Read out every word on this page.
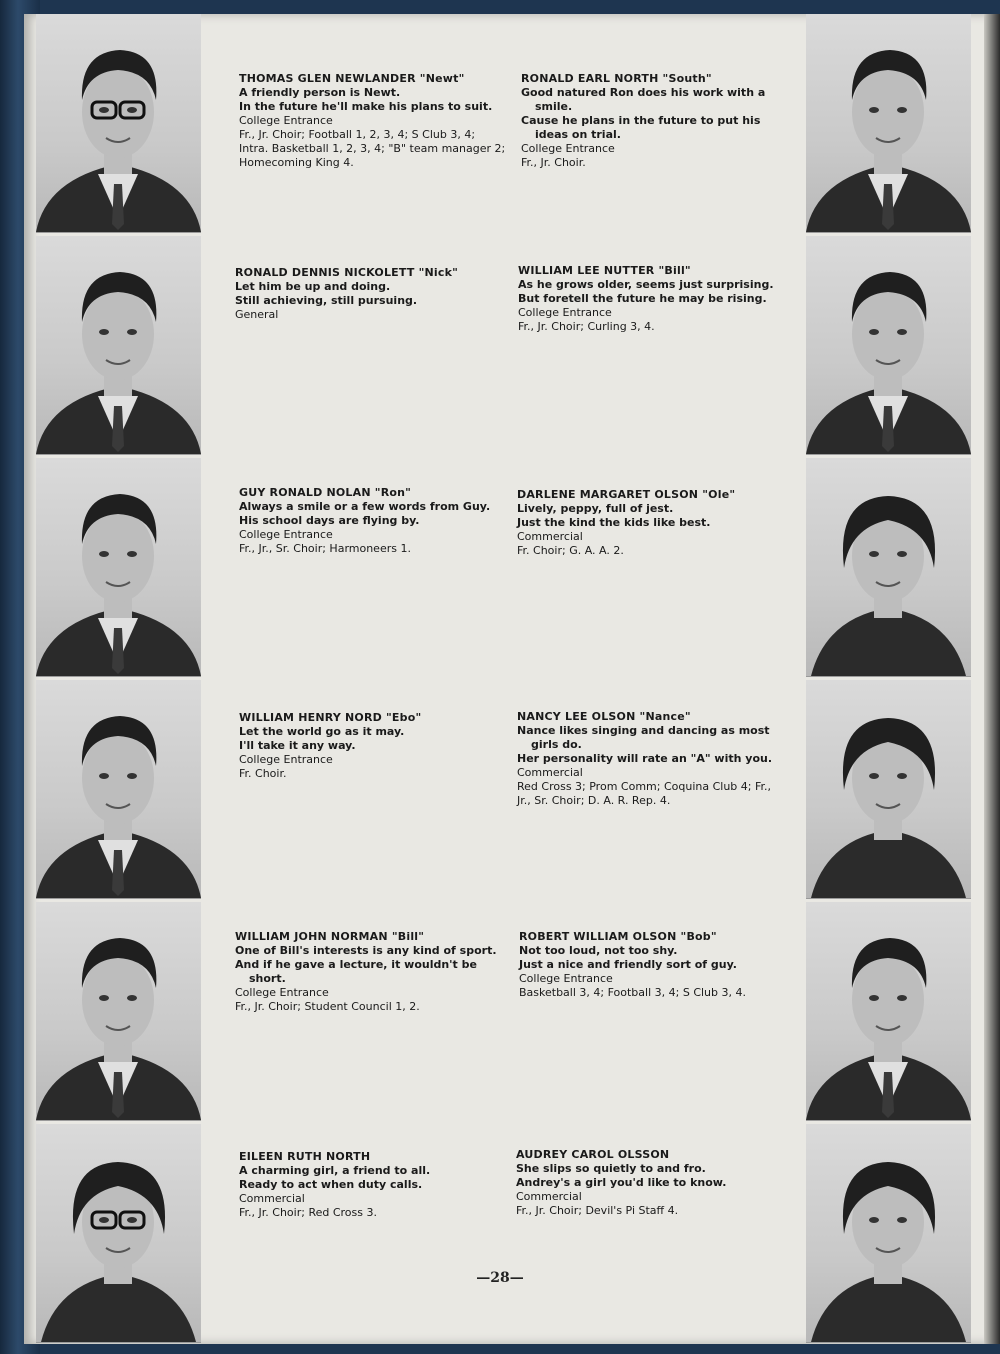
THOMAS GLEN NEWLANDER "Newt"
A friendly person is Newt.
In the future he'll make his plans to suit.
College Entrance
Fr., Jr. Choir; Football 1, 2, 3, 4; S Club 3, 4; Intra. Basketball 1, 2, 3, 4; "B" team manager 2; Homecoming King 4.
RONALD DENNIS NICKOLETT "Nick"
Let him be up and doing.
Still achieving, still pursuing.
General
GUY RONALD NOLAN "Ron"
Always a smile or a few words from Guy.
His school days are flying by.
College Entrance
Fr., Jr., Sr. Choir; Harmoneers 1.
WILLIAM HENRY NORD "Ebo"
Let the world go as it may.
I'll take it any way.
College Entrance
Fr. Choir.
WILLIAM JOHN NORMAN "Bill"
One of Bill's interests is any kind of sport.
And if he gave a lecture, it wouldn't be short.
College Entrance
Fr., Jr. Choir; Student Council 1, 2.
EILEEN RUTH NORTH
A charming girl, a friend to all.
Ready to act when duty calls.
Commercial
Fr., Jr. Choir; Red Cross 3.
RONALD EARL NORTH "South"
Good natured Ron does his work with a smile.
Cause he plans in the future to put his ideas on trial.
College Entrance
Fr., Jr. Choir.
WILLIAM LEE NUTTER "Bill"
As he grows older, seems just surprising.
But foretell the future he may be rising.
College Entrance
Fr., Jr. Choir; Curling 3, 4.
DARLENE MARGARET OLSON "Ole"
Lively, peppy, full of jest.
Just the kind the kids like best.
Commercial
Fr. Choir; G. A. A. 2.
NANCY LEE OLSON "Nance"
Nance likes singing and dancing as most girls do.
Her personality will rate an "A" with you.
Commercial
Red Cross 3; Prom Comm; Coquina Club 4; Fr., Jr., Sr. Choir; D. A. R. Rep. 4.
ROBERT WILLIAM OLSON "Bob"
Not too loud, not too shy.
Just a nice and friendly sort of guy.
College Entrance
Basketball 3, 4; Football 3, 4; S Club 3, 4.
AUDREY CAROL OLSSON
She slips so quietly to and fro.
Andrey's a girl you'd like to know.
Commercial
Fr., Jr. Choir; Devil's Pi Staff 4.
—28—
